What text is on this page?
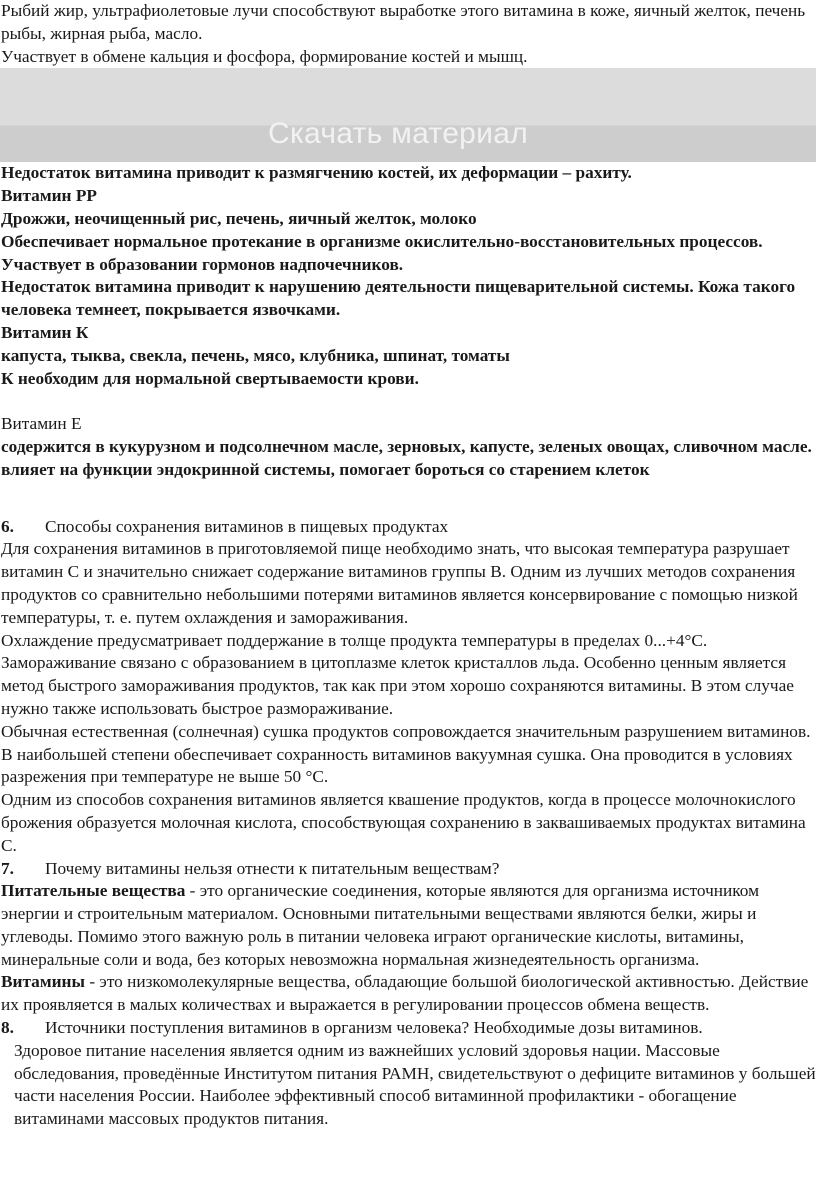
Рыбий жир, ультрафиолетовые лучи способствуют выработке этого витамина в коже, яичный желток, печень рыбы, жирная рыба, масло.

Участвует в обмене кальция и фосфора, формирование костей и мышц.

Скачать материал

Недостаток витамина приводит к размягчению костей, их деформации – рахиту.

Витамин РР

Дрожжи, неочищенный рис, печень, яичный желток, молоко

Обеспечивает нормальное протекание в организме окислительно-восстановительных процессов.

Участвует в образовании гормонов надпочечников.

Недостаток витамина приводит к нарушению деятельности пищеварительной системы. Кожа такого человека темнеет, покрывается язвочками.

Витамин К

капуста, тыква, свекла, печень, мясо, клубника, шпинат, томаты

К необходим для нормальной свертываемости крови.

Витамин Е

содержится в кукурузном и подсолнечном масле, зерновых, капусте, зеленых овощах, сливочном масле.

влияет на функции эндокринной системы, помогает бороться со старением клеток

6. Способы сохранения витаминов в пищевых продуктах

Для сохранения витаминов в приготовляемой пище необходимо знать, что высокая температура разрушает витамин С и значительно снижает содержание витаминов группы В. Одним из лучших методов сохранения продуктов со сравнительно небольшими потерями витаминов является консервирование с помощью низкой температуры, т. е. путем охлаждения и замораживания.

Охлаждение предусматривает поддержание в толще продукта температуры в пределах 0...+4°С.

Замораживание связано с образованием в цитоплазме клеток кристаллов льда. Особенно ценным является метод быстрого замораживания продуктов, так как при этом хорошо сохраняются витамины. В этом случае нужно также использовать быстрое размораживание.

Обычная естественная (солнечная) сушка продуктов сопровождается значительным разрушением витаминов. В наибольшей степени обеспечивает сохранность витаминов вакуумная сушка. Она проводится в условиях разрежения при температуре не выше 50 °С.

Одним из способов сохранения витаминов является квашение продуктов, когда в процессе молочнокислого брожения образуется молочная кислота, способствующая сохранению в заквашиваемых продуктах витамина С.

7. Почему витамины нельзя отнести к питательным веществам?

Питательные вещества - это органические соединения, которые являются для организма источником энергии и строительным материалом. Основными питательными веществами являются белки, жиры и углеводы. Помимо этого важную роль в питании человека играют органические кислоты, витамины, минеральные соли и вода, без которых невозможна нормальная жизнедеятельность организма.

Витамины - это низкомолекулярные вещества, обладающие большой биологической активностью. Действие их проявляется в малых количествах и выражается в регулировании процессов обмена веществ.

8. Источники поступления витаминов в организм человека? Необходимые дозы витаминов.

Здоровое питание населения является одним из важнейших условий здоровья нации. Массовые обследования, проведённые Институтом питания РАМН, свидетельствуют о дефиците витаминов у большей части населения России. Наиболее эффективный способ витаминной профилактики - обогащение витаминами массовых продуктов питания.
